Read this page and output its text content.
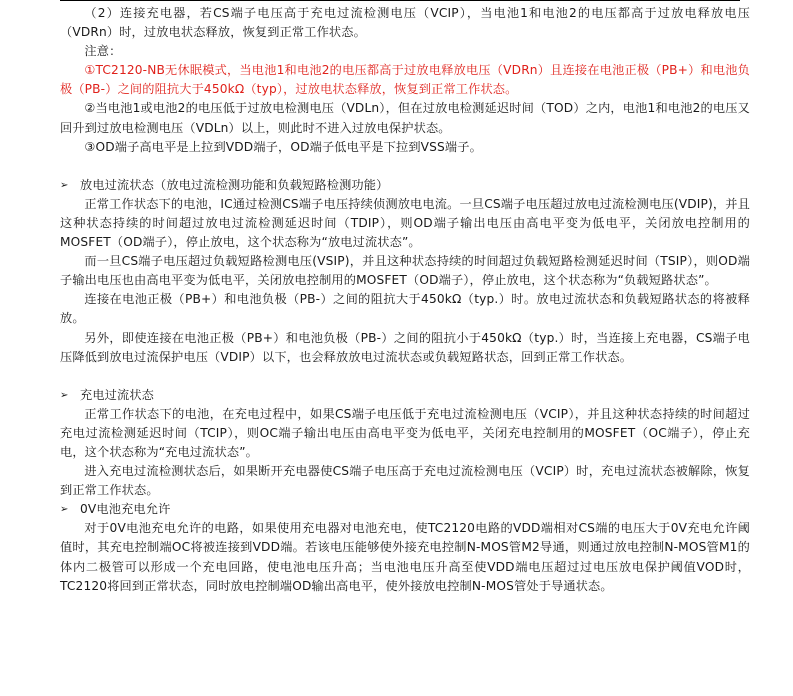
（2）连接充电器，若CS端子电压高于充电过流检测电压（VCIP），当电池1和电池2的电压都高于过放电释放电压（VDRn）时，过放电状态释放，恢复到正常工作状态。

注意：

①TC2120-NB无休眠模式，当电池1和电池2的电压都高于过放电释放电压（VDRn）且连接在电池正极（PB+）和电池负极（PB-）之间的阻抗大于450kΩ（typ），过放电状态释放，恢复到正常工作状态。

②当电池1或电池2的电压低于过放电检测电压（VDLn），但在过放电检测延迟时间（TOD）之内，电池1和电池2的电压又回升到过放电检测电压（VDLn）以上，则此时不进入过放电保护状态。

③OD端子高电平是上拉到VDD端子，OD端子低电平是下拉到VSS端子。

➢ 放电过流状态（放电过流检测功能和负载短路检测功能）

正常工作状态下的电池，IC通过检测CS端子电压持续侦测放电电流。一旦CS端子电压超过放电过流检测电压(VDIP)，并且这种状态持续的时间超过放电过流检测延迟时间（TDIP），则OD端子输出电压由高电平变为低电平，关闭放电控制用的MOSFET（OD端子），停止放电，这个状态称为“放电过流状态”。

而一旦CS端子电压超过负载短路检测电压(VSIP)，并且这种状态持续的时间超过负载短路检测延迟时间（TSIP），则OD端子输出电压也由高电平变为低电平，关闭放电控制用的MOSFET（OD端子），停止放电，这个状态称为“负载短路状态”。

连接在电池正极（PB+）和电池负极（PB-）之间的阻抗大于450kΩ（typ.）时。放电过流状态和负载短路状态的将被释放。

另外，即使连接在电池正极（PB+）和电池负极（PB-）之间的阻抗小于450kΩ（typ.）时，当连接上充电器，CS端子电压降低到放电过流保护电压（VDIP）以下，也会释放放电过流状态或负载短路状态，回到正常工作状态。

➢ 充电过流状态

正常工作状态下的电池，在充电过程中，如果CS端子电压低于充电过流检测电压（VCIP），并且这种状态持续的时间超过充电过流检测延迟时间（TCIP），则OC端子输出电压由高电平变为低电平，关闭充电控制用的MOSFET（OC端子），停止充电，这个状态称为“充电过流状态”。

进入充电过流检测状态后，如果断开充电器使CS端子电压高于充电过流检测电压（VCIP）时，充电过流状态被解除，恢复到正常工作状态。

➢ 0V电池充电允许

对于0V电池充电允许的电路，如果使用充电器对电池充电，使TC2120电路的VDD端相对CS端的电压大于0V充电允许阈值时，其充电控制端OC将被连接到VDD端。若该电压能够使外接充电控制N-MOS管M2导通，则通过放电控制N-MOS管M1的体内二极管可以形成一个充电回路，使电池电压升高；当电池电压升高至使VDD端电压超过过电压放电保护阈值VOD时，TC2120将回到正常状态，同时放电控制端OD输出高电平，使外接放电控制N-MOS管处于导通状态。
